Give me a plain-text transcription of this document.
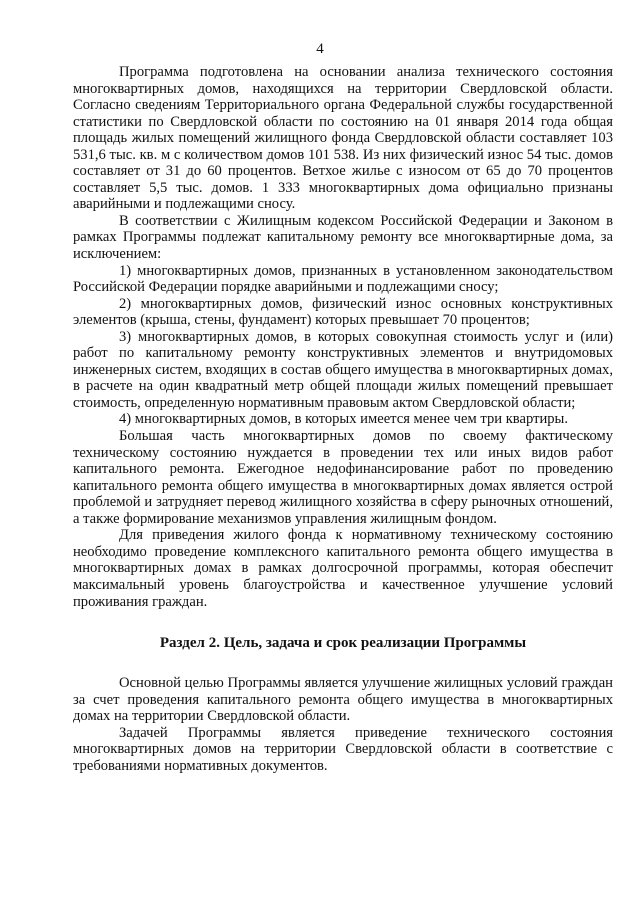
4

Программа подготовлена на основании анализа технического состояния многоквартирных домов, находящихся на территории Свердловской области. Согласно сведениям Территориального органа Федеральной службы государственной статистики по Свердловской области по состоянию на 01 января 2014 года общая площадь жилых помещений жилищного фонда Свердловской области составляет 103 531,6 тыс. кв. м с количеством домов 101 538. Из них физический износ 54 тыс. домов составляет от 31 до 60 процентов. Ветхое жилье с износом от 65 до 70 процентов составляет 5,5 тыс. домов. 1 333 многоквартирных дома официально признаны аварийными и подлежащими сносу.

В соответствии с Жилищным кодексом Российской Федерации и Законом в рамках Программы подлежат капитальному ремонту все многоквартирные дома, за исключением:

1) многоквартирных домов, признанных в установленном законодательством Российской Федерации порядке аварийными и подлежащими сносу;

2) многоквартирных домов, физический износ основных конструктивных элементов (крыша, стены, фундамент) которых превышает 70 процентов;

3) многоквартирных домов, в которых совокупная стоимость услуг и (или) работ по капитальному ремонту конструктивных элементов и внутридомовых инженерных систем, входящих в состав общего имущества в многоквартирных домах, в расчете на один квадратный метр общей площади жилых помещений превышает стоимость, определенную нормативным правовым актом Свердловской области;

4) многоквартирных домов, в которых имеется менее чем три квартиры.

Большая часть многоквартирных домов по своему фактическому техническому состоянию нуждается в проведении тех или иных видов работ капитального ремонта. Ежегодное недофинансирование работ по проведению капитального ремонта общего имущества в многоквартирных домах является острой проблемой и затрудняет перевод жилищного хозяйства в сферу рыночных отношений, а также формирование механизмов управления жилищным фондом.

Для приведения жилого фонда к нормативному техническому состоянию необходимо проведение комплексного капитального ремонта общего имущества в многоквартирных домах в рамках долгосрочной программы, которая обеспечит максимальный уровень благоустройства и качественное улучшение условий проживания граждан.

Раздел 2. Цель, задача и срок реализации Программы

Основной целью Программы является улучшение жилищных условий граждан за счет проведения капитального ремонта общего имущества в многоквартирных домах на территории Свердловской области.

Задачей Программы является приведение технического состояния многоквартирных домов на территории Свердловской области в соответствие с требованиями нормативных документов.
